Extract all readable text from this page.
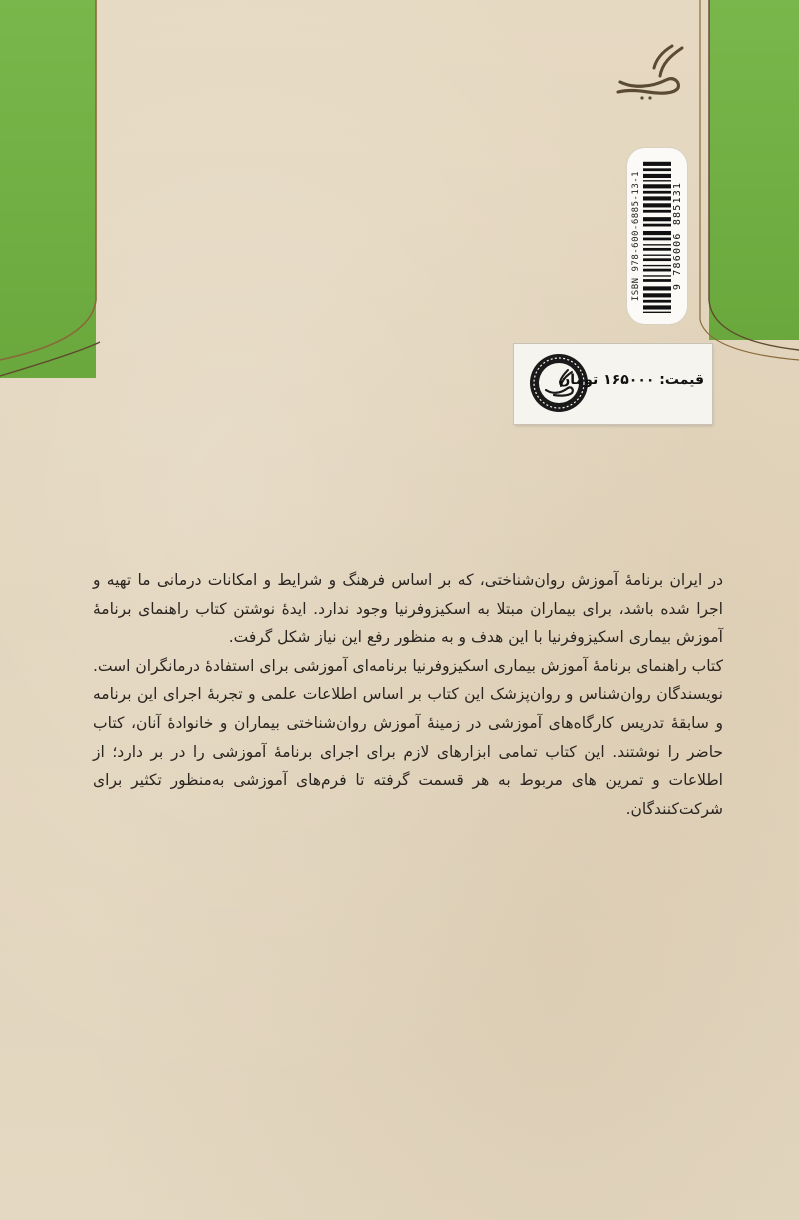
ISBN 978-600-6885-13-1	9 786006 885131
قیمت: ۱۶۵۰۰۰ تومان

در ایران برنامهٔ آموزش روان‌شناختی، که بر اساس فرهنگ و شرایط و امکانات درمانی ما تهیه و اجرا شده باشد، برای بیماران مبتلا به اسکیزوفرنیا وجود ندارد. ایدهٔ نوشتن کتاب راهنمای برنامهٔ آموزش بیماری اسکیزوفرنیا با این هدف و به منظور رفع این نیاز شکل گرفت.

کتاب راهنمای برنامهٔ آموزش بیماری اسکیزوفرنیا برنامه‌ای آموزشی برای استفادهٔ درمانگران است. نویسندگان روان‌شناس و روان‌پزشک این کتاب بر اساس اطلاعات علمی و تجربهٔ اجرای این برنامه و سابقهٔ تدریس کارگاه‌های آموزشی در زمینهٔ آموزش روان‌شناختی بیماران و خانوادهٔ آنان، کتاب حاضر را نوشتند. این کتاب تمامی ابزارهای لازم برای اجرای برنامهٔ آموزشی را در بر دارد؛ از اطلاعات و تمرین های مربوط به هر قسمت گرفته تا فرم‌های آموزشی به‌منظور تکثیر برای شرکت‌کنندگان.
